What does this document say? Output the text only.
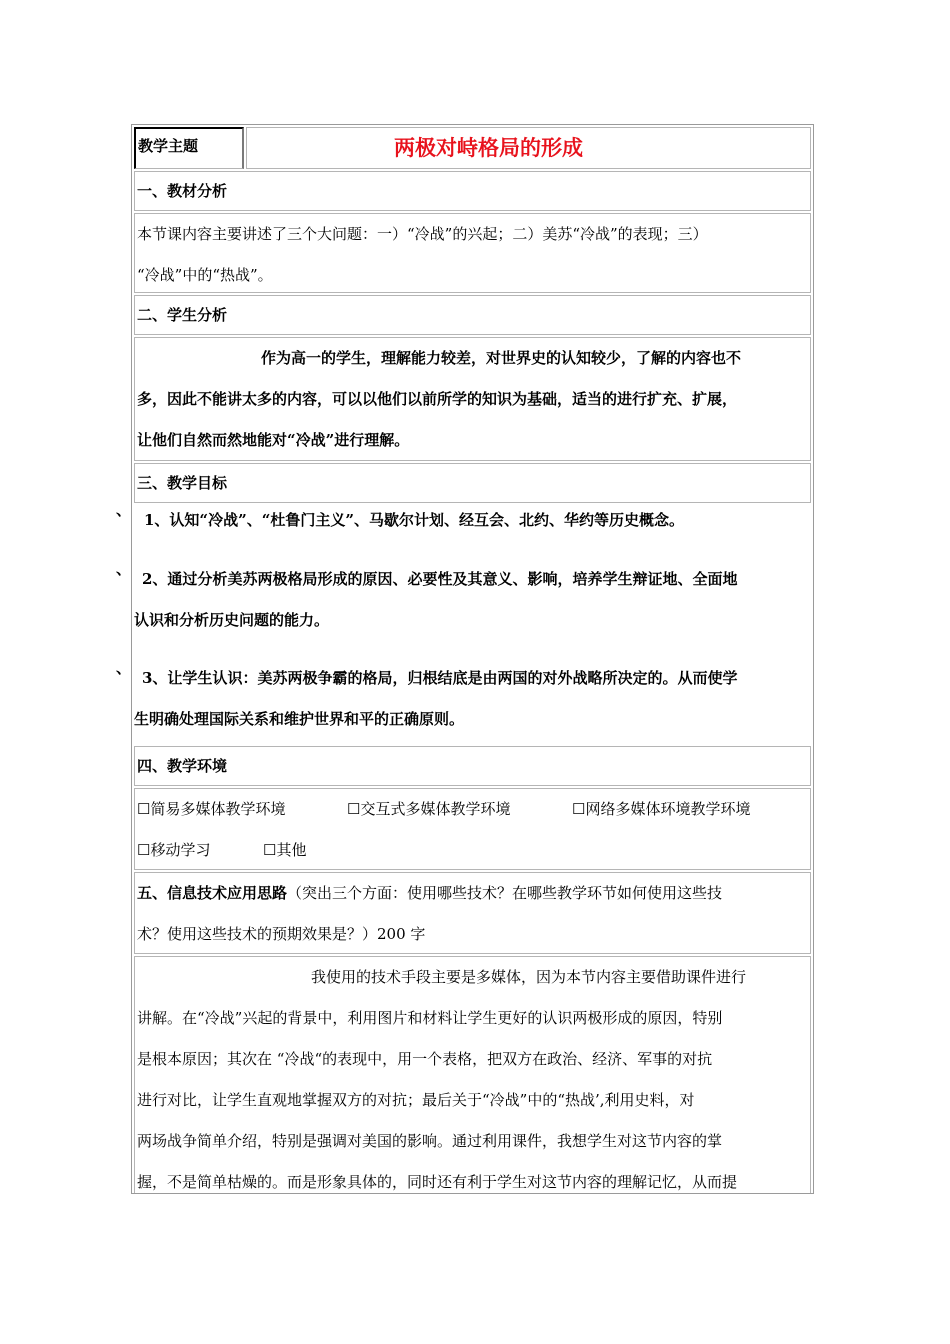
教学主题	两极对峙格局的形成
一、教材分析

本节课内容主要讲述了三个大问题：一）“冷战”的兴起；二）美苏“冷战”的表现；三）

“冷战”中的“热战”。

二、学生分析

作为高一的学生，理解能力较差，对世界史的认知较少，了解的内容也不

多，因此不能讲太多的内容，可以以他们以前所学的知识为基础，适当的进行扩充、扩展，

让他们自然而然地能对“冷战”进行理解。

三、教学目标
1、认知“冷战”、“杜鲁门主义”、马歇尔计划、经互会、北约、华约等历史概念。
2、通过分析美苏两极格局形成的原因、必要性及其意义、影响，培养学生辩证地、全面地
认识和分析历史问题的能力。
3、让学生认识：美苏两极争霸的格局，归根结底是由两国的对外战略所决定的。从而使学
生明确处理国际关系和维护世界和平的正确原则。
四、教学环境
☐简易多媒体教学环境	☐交互式多媒体教学环境	☐网络多媒体环境教学环境
☐移动学习	☐其他
五、信息技术应用思路（突出三个方面：使用哪些技术？在哪些教学环节如何使用这些技
术？使用这些技术的预期效果是？）200 字

我使用的技术手段主要是多媒体，因为本节内容主要借助课件进行

讲解。在“冷战”兴起的背景中，利用图片和材料让学生更好的认识两极形成的原因，特别

是根本原因；其次在 “冷战“的表现中，用一个表格，把双方在政治、经济、军事的对抗

进行对比，让学生直观地掌握双方的对抗；最后关于“冷战”中的“热战’,利用史料，对

两场战争简单介绍，特别是强调对美国的影响。通过利用课件，我想学生对这节内容的掌

握，不是简单枯燥的。而是形象具体的，同时还有利于学生对这节内容的理解记忆，从而提

、
、
、
